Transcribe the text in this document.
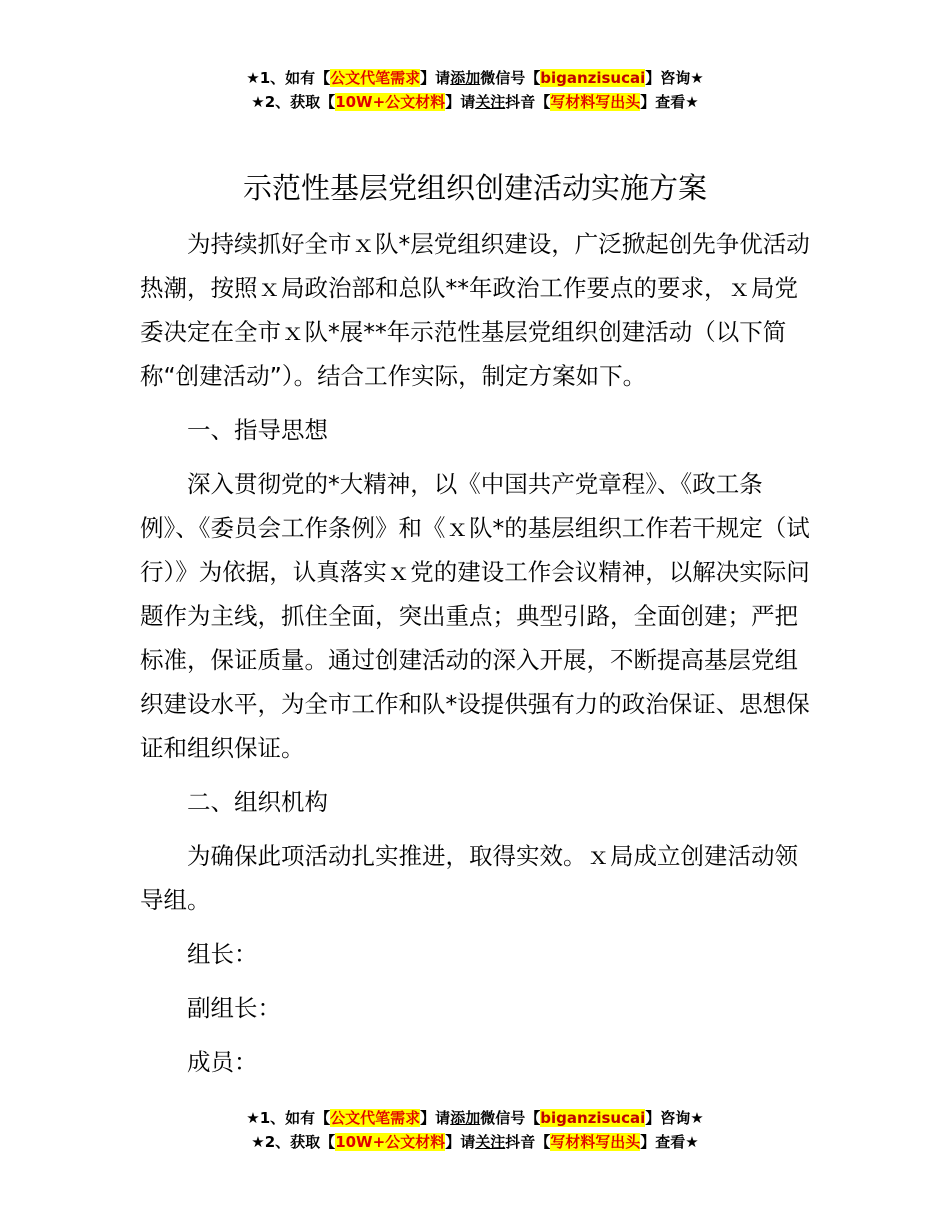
★1、如有【公文代笔需求】请添加微信号【biganzisucai】咨询★
★2、获取【10W+公文材料】请关注抖音【写材料写出头】查看★
示范性基层党组织创建活动实施方案

为持续抓好全市ｘ队*层党组织建设，广泛掀起创先争优活动热潮，按照ｘ局政治部和总队**年政治工作要点的要求，ｘ局党委决定在全市ｘ队*展**年示范性基层党组织创建活动（以下简称“创建活动”）。结合工作实际，制定方案如下。

一、指导思想

深入贯彻党的*大精神，以《中国共产党章程》、《政工条例》、《委员会工作条例》和《ｘ队*的基层组织工作若干规定（试行）》为依据，认真落实ｘ党的建设工作会议精神，以解决实际问题作为主线，抓住全面，突出重点；典型引路，全面创建；严把标准，保证质量。通过创建活动的深入开展，不断提高基层党组织建设水平，为全市工作和队*设提供强有力的政治保证、思想保证和组织保证。

二、组织机构

为确保此项活动扎实推进，取得实效。ｘ局成立创建活动领导组。

组长：

副组长：

成员：

★1、如有【公文代笔需求】请添加微信号【biganzisucai】咨询★
★2、获取【10W+公文材料】请关注抖音【写材料写出头】查看★
